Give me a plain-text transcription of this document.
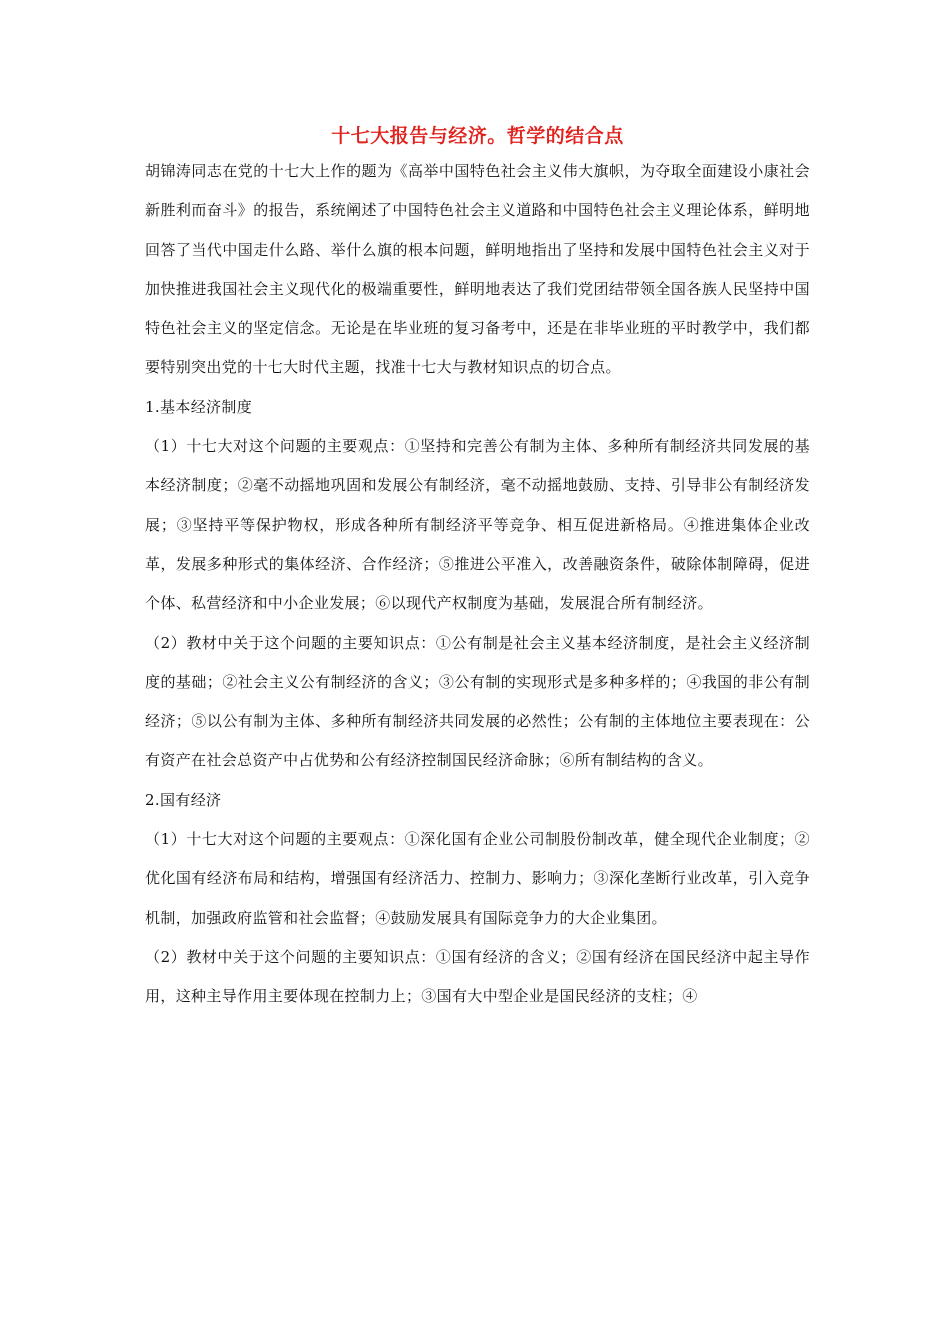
十七大报告与经济。哲学的结合点

胡锦涛同志在党的十七大上作的题为《高举中国特色社会主义伟大旗帜，为夺取全面建设小康社会新胜利而奋斗》的报告，系统阐述了中国特色社会主义道路和中国特色社会主义理论体系，鲜明地回答了当代中国走什么路、举什么旗的根本问题，鲜明地指出了坚持和发展中国特色社会主义对于加快推进我国社会主义现代化的极端重要性，鲜明地表达了我们党团结带领全国各族人民坚持中国特色社会主义的坚定信念。无论是在毕业班的复习备考中，还是在非毕业班的平时教学中，我们都要特别突出党的十七大时代主题，找准十七大与教材知识点的切合点。

1.基本经济制度

（1）十七大对这个问题的主要观点：①坚持和完善公有制为主体、多种所有制经济共同发展的基本经济制度；②毫不动摇地巩固和发展公有制经济，毫不动摇地鼓励、支持、引导非公有制经济发展；③坚持平等保护物权，形成各种所有制经济平等竞争、相互促进新格局。④推进集体企业改革，发展多种形式的集体经济、合作经济；⑤推进公平准入，改善融资条件，破除体制障碍，促进个体、私营经济和中小企业发展；⑥以现代产权制度为基础，发展混合所有制经济。

（2）教材中关于这个问题的主要知识点：①公有制是社会主义基本经济制度，是社会主义经济制度的基础；②社会主义公有制经济的含义；③公有制的实现形式是多种多样的；④我国的非公有制经济；⑤以公有制为主体、多种所有制经济共同发展的必然性；公有制的主体地位主要表现在：公有资产在社会总资产中占优势和公有经济控制国民经济命脉；⑥所有制结构的含义。

2.国有经济

（1）十七大对这个问题的主要观点：①深化国有企业公司制股份制改革，健全现代企业制度；②优化国有经济布局和结构，增强国有经济活力、控制力、影响力；③深化垄断行业改革，引入竞争机制，加强政府监管和社会监督；④鼓励发展具有国际竞争力的大企业集团。

（2）教材中关于这个问题的主要知识点：①国有经济的含义；②国有经济在国民经济中起主导作用，这种主导作用主要体现在控制力上；③国有大中型企业是国民经济的支柱；④
